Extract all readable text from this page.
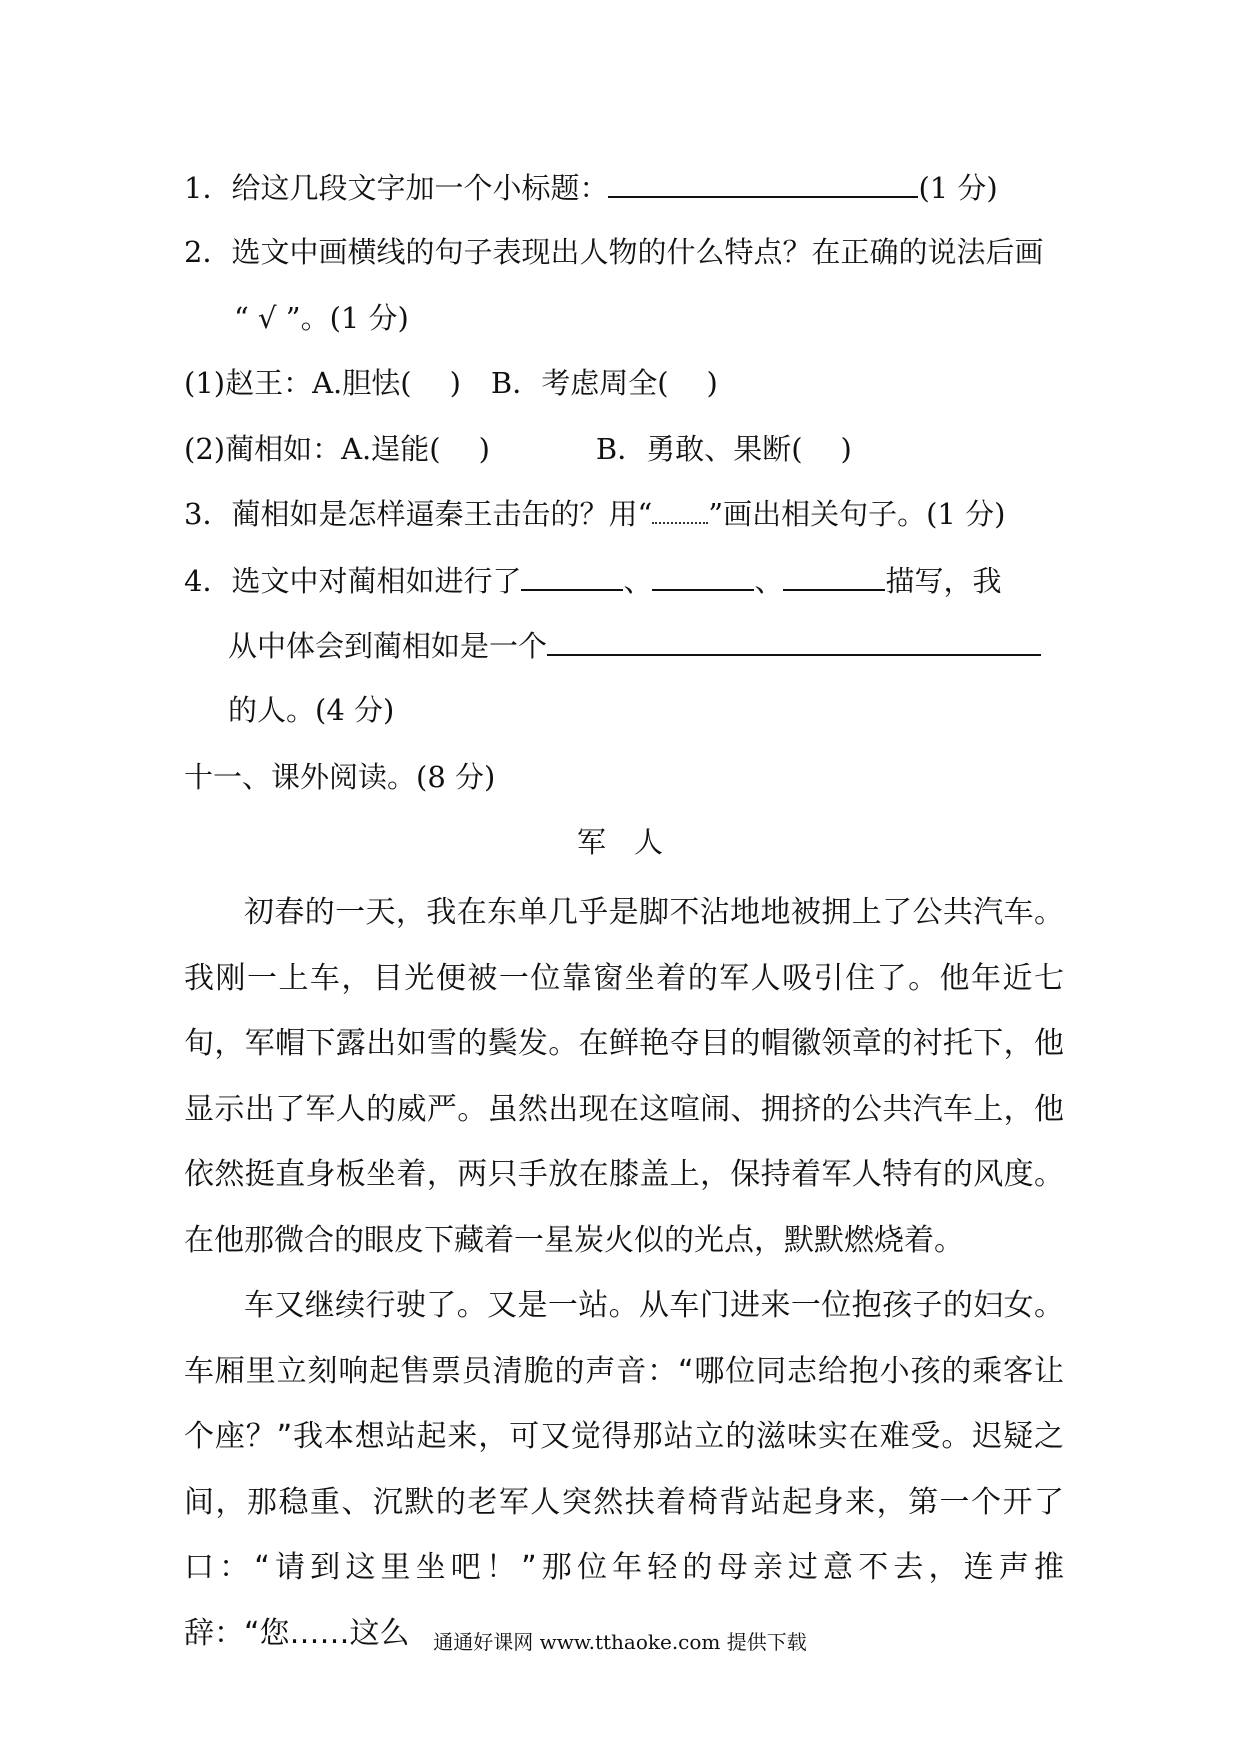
1．给这几段文字加一个小标题：	(1 分)
2．选文中画横线的句子表现出人物的什么特点？在正确的说法后画
“ √ ”。(1 分)
(1)赵王：A.胆怯( ) B．考虑周全( )
(2)蔺相如：A.逞能( )	B．勇敢、果断( )
3．蔺相如是怎样逼秦王击缶的？用“ ”画出相关句子。(1 分)
4．选文中对蔺相如进行了	、	、	描写，我
从中体会到蔺相如是一个
的人。(4 分)
十一、课外阅读。(8 分)
军人

初春的一天，我在东单几乎是脚不沾地地被拥上了公共汽车。我刚一上车，目光便被一位靠窗坐着的军人吸引住了。他年近七旬，军帽下露出如雪的鬓发。在鲜艳夺目的帽徽领章的衬托下，他显示出了军人的威严。虽然出现在这喧闹、拥挤的公共汽车上，他依然挺直身板坐着，两只手放在膝盖上，保持着军人特有的风度。在他那微合的眼皮下藏着一星炭火似的光点，默默燃烧着。

车又继续行驶了。又是一站。从车门进来一位抱孩子的妇女。车厢里立刻响起售票员清脆的声音：“哪位同志给抱小孩的乘客让个座？”我本想站起来，可又觉得那站立的滋味实在难受。迟疑之间，那稳重、沉默的老军人突然扶着椅背站起身来，第一个开了口：“请到这里坐吧！”那位年轻的母亲过意不去，连声推辞：“您……这么	通通好课网 www.tthaoke.com 提供下载
